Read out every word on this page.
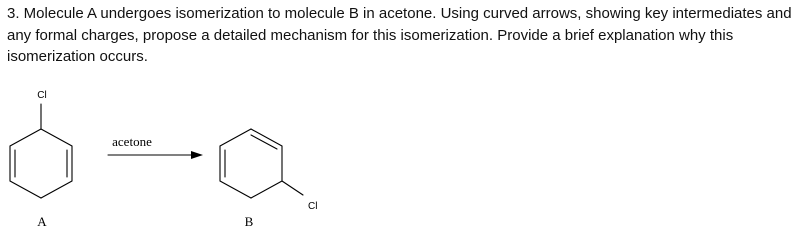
3. Molecule A undergoes isomerization to molecule B in acetone. Using curved arrows, showing key intermediates and any formal charges, propose a detailed mechanism for this isomerization. Provide a brief explanation why this isomerization occurs.
Cl
A
acetone
Cl
B
